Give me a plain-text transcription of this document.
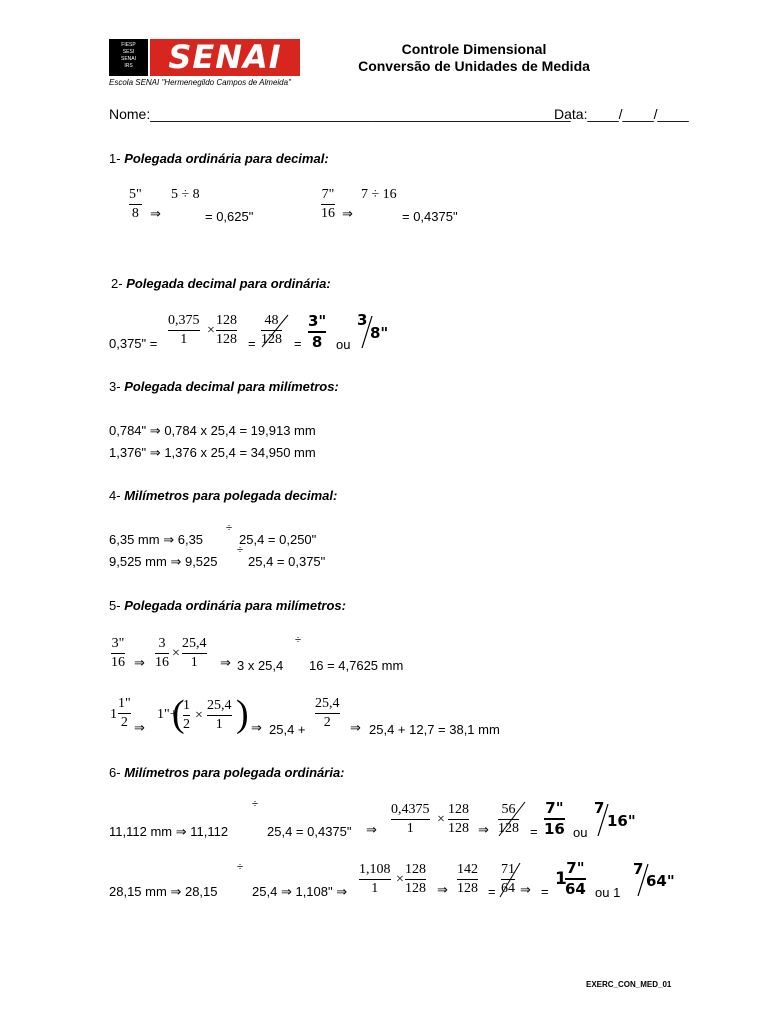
FIESP
SESI
SENAI
IRS	SENAI
Escola SENAI "Hermenegildo Campos de Almeida"
Controle Dimensional
Conversão de Unidades de Medida
Nome:______________________________________________________
Data:____/____/____
1- Polegada ordinária para decimal:
5"
8 ⇒
5 ÷ 8
= 0,625"
7"
16 ⇒
7 ÷ 16
= 0,4375"
2- Polegada decimal para ordinária:
0,375" =
0,375
1
×
128
128 =
48
128 =
3"
8 ou
3
8"
3- Polegada decimal para milímetros:
0,784" ⇒ 0,784 x 25,4 = 19,913 mm
1,376" ⇒ 1,376 x 25,4 = 34,950 mm
4- Milímetros para polegada decimal:
6,35 mm ⇒ 6,35
÷
25,4 = 0,250"
9,525 mm ⇒ 9,525
÷
25,4 = 0,375"
5- Polegada ordinária para milímetros:
3"
16 ⇒
3
16
×
25,4
1 ⇒ 3 x 25,4
÷
16 = 4,7625 mm
1
1"
2 ⇒
1"+
(
1
2
×
25,4
1 ) ⇒ 25,4 +
25,4
2 ⇒ 25,4 + 12,7 = 38,1 mm
6- Milímetros para polegada ordinária:
÷
11,112 mm ⇒ 11,112	25,4 = 0,4375" ⇒
0,4375
1
×
128
128 ⇒
56
128 =
7"
16 ou
7
16"
÷
28,15 mm ⇒ 28,15	25,4 ⇒ 1,108" ⇒
1,108
1
×
128
128 ⇒
142
128 =
71
64 ⇒ =
1
7"
64 ou 1
7
64"
EXERC_CON_MED_01
